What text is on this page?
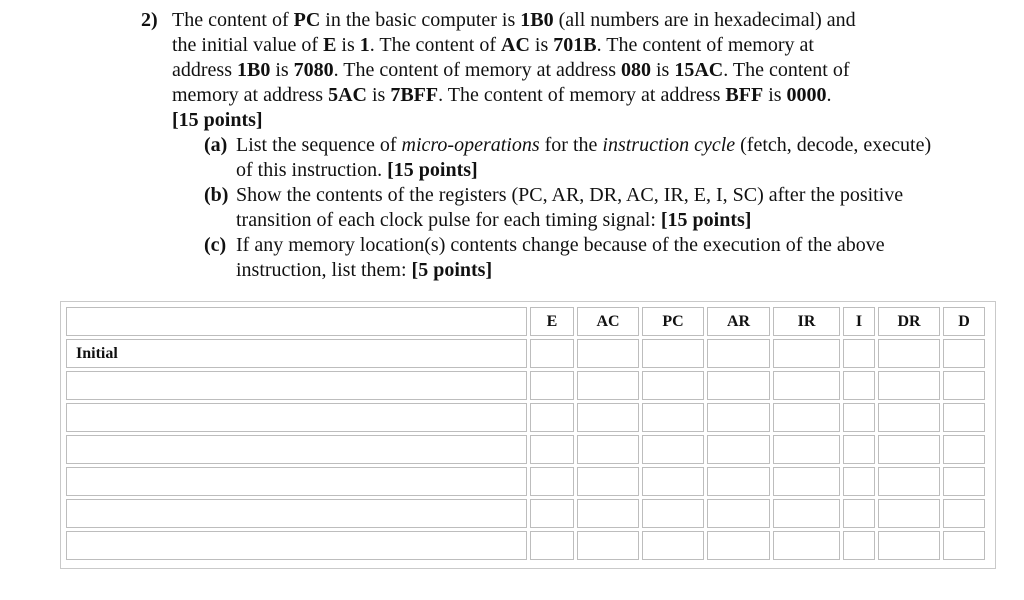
2) The content of PC in the basic computer is 1B0 (all numbers are in hexadecimal) and
the initial value of E is 1. The content of AC is 701B. The content of memory at
address 1B0 is 7080. The content of memory at address 080 is 15AC. The content of
memory at address 5AC is 7BFF. The content of memory at address BFF is 0000.
[15 points]
(a) List the sequence of micro-operations for the instruction cycle (fetch, decode, execute) of this instruction. [15 points]
(b) Show the contents of the registers (PC, AR, DR, AC, IR, E, I, SC) after the positive transition of each clock pulse for each timing signal: [15 points]
(c) If any memory location(s) contents change because of the execution of the above instruction, list them: [5 points]
	E	AC	PC	AR	IR	I	DR	D
Initial								
